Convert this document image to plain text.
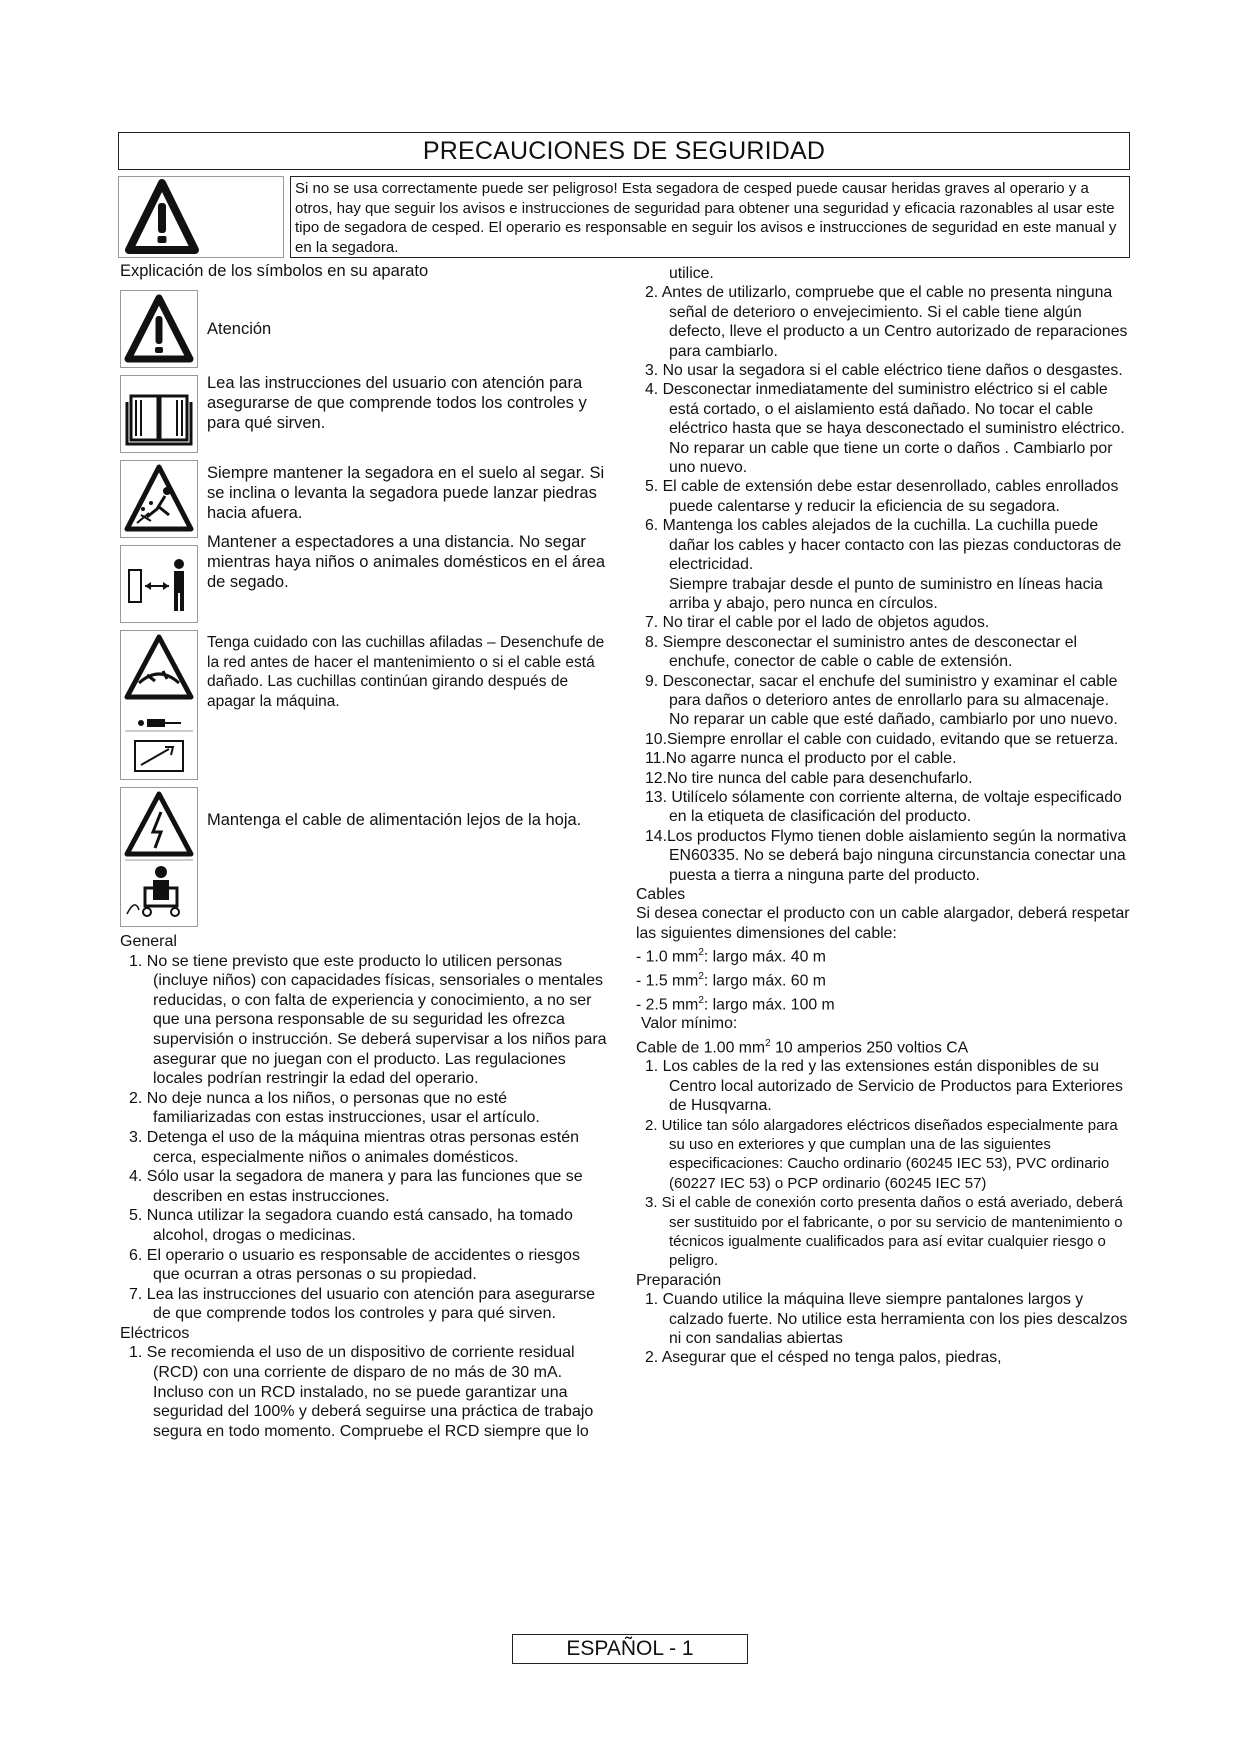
PRECAUCIONES DE SEGURIDAD
Si no se usa correctamente puede ser peligroso! Esta segadora de cesped puede causar heridas graves al operario y a otros, hay que seguir los avisos e instrucciones de seguridad para obtener una seguridad y eficacia razonables al usar este tipo de segadora de cesped. El operario es responsable en seguir los avisos e instrucciones de seguridad en este manual y en la segadora.
Explicación de los símbolos en su aparato
Atención
Lea las instrucciones del usuario con atención para asegurarse de que comprende todos los controles y para qué sirven.
Siempre mantener la segadora en el suelo al segar. Si se inclina o levanta la segadora puede lanzar piedras hacia afuera.
Mantener a espectadores a una distancia. No segar mientras haya niños o animales domésticos en el área de segado.
Tenga cuidado con las cuchillas afiladas – Desenchufe de la red antes de hacer el mantenimiento o si el cable está dañado. Las cuchillas continúan girando después de apagar la máquina.
Mantenga el cable de alimentación lejos de la hoja.

General

1. No se tiene previsto que este producto lo utilicen personas (incluye niños) con capacidades físicas, sensoriales o mentales reducidas, o con falta de experiencia y conocimiento, a no ser que una persona responsable de su seguridad les ofrezca supervisión o instrucción. Se deberá supervisar a los niños para asegurar que no juegan con el producto. Las regulaciones locales podrían restringir la edad del operario.

2. No deje nunca a los niños, o personas que no esté familiarizadas con estas instrucciones, usar el artículo.

3. Detenga el uso de la máquina mientras otras personas estén cerca, especialmente niños o animales domésticos.

4. Sólo usar la segadora de manera y para las funciones que se describen en estas instrucciones.

5. Nunca utilizar la segadora cuando está cansado, ha tomado alcohol, drogas o medicinas.

6. El operario o usuario es responsable de accidentes o riesgos que ocurran a otras personas o su propiedad.

7. Lea las instrucciones del usuario con atención para asegurarse de que comprende todos los controles y para qué sirven.

Eléctricos

1. Se recomienda el uso de un dispositivo de corriente residual (RCD) con una corriente de disparo de no más de 30 mA. Incluso con un RCD instalado, no se puede garantizar una seguridad del 100% y deberá seguirse una práctica de trabajo segura en todo momento. Compruebe el RCD siempre que lo

utilice.

2. Antes de utilizarlo, compruebe que el cable no presenta ninguna señal de deterioro o envejecimiento. Si el cable tiene algún defecto, lleve el producto a un Centro autorizado de reparaciones para cambiarlo.

3. No usar la segadora si el cable eléctrico tiene daños o desgastes.

4. Desconectar inmediatamente del suministro eléctrico si el cable está cortado, o el aislamiento está dañado. No tocar el cable eléctrico hasta que se haya desconectado el suministro eléctrico. No reparar un cable que tiene un corte o daños . Cambiarlo por uno nuevo.

5. El cable de extensión debe estar desenrollado, cables enrollados puede calentarse y reducir la eficiencia de su segadora.

6. Mantenga los cables alejados de la cuchilla. La cuchilla puede dañar los cables y hacer contacto con las piezas conductoras de electricidad.

Siempre trabajar desde el punto de suministro en líneas hacia arriba y abajo, pero nunca en círculos.

7. No tirar el cable por el lado de objetos agudos.

8. Siempre desconectar el suministro antes de desconectar el enchufe, conector de cable o cable de extensión.

9. Desconectar, sacar el enchufe del suministro y examinar el cable para daños o deterioro antes de enrollarlo para su almacenaje. No reparar un cable que esté dañado, cambiarlo por uno nuevo.

10.Siempre enrollar el cable con cuidado, evitando que se retuerza.

11.No agarre nunca el producto por el cable.

12.No tire nunca del cable para desenchufarlo.

13. Utilícelo sólamente con corriente alterna, de voltaje especificado en la etiqueta de clasificación del producto.

14.Los productos Flymo tienen doble aislamiento según la normativa EN60335. No se deberá bajo ninguna circunstancia conectar una puesta a tierra a ninguna parte del producto.

Cables

Si desea conectar el producto con un cable alargador, deberá respetar las siguientes dimensiones del cable:

- 1.0 $mm^2$: largo máx. 40 m

- 1.5 $mm^2$: largo máx. 60 m

- 2.5 $mm^2$: largo máx. 100 m

Valor mínimo:

Cable de 1.00 $mm^2$ 10 amperios 250 voltios CA

1. Los cables de la red y las extensiones están disponibles de su Centro local autorizado de Servicio de Productos para Exteriores de Husqvarna.

2. Utilice tan sólo alargadores eléctricos diseñados especialmente para su uso en exteriores y que cumplan una de las siguientes especificaciones: Caucho ordinario (60245 IEC 53), PVC ordinario (60227 IEC 53) o PCP ordinario (60245 IEC 57)

3. Si el cable de conexión corto presenta daños o está averiado, deberá ser sustituido por el fabricante, o por su servicio de mantenimiento o técnicos igualmente cualificados para así evitar cualquier riesgo o peligro.

Preparación

1. Cuando utilice la máquina lleve siempre pantalones largos y calzado fuerte. No utilice esta herramienta con los pies descalzos ni con sandalias abiertas

2. Asegurar que el césped no tenga palos, piedras,

ESPAÑOL - 1
